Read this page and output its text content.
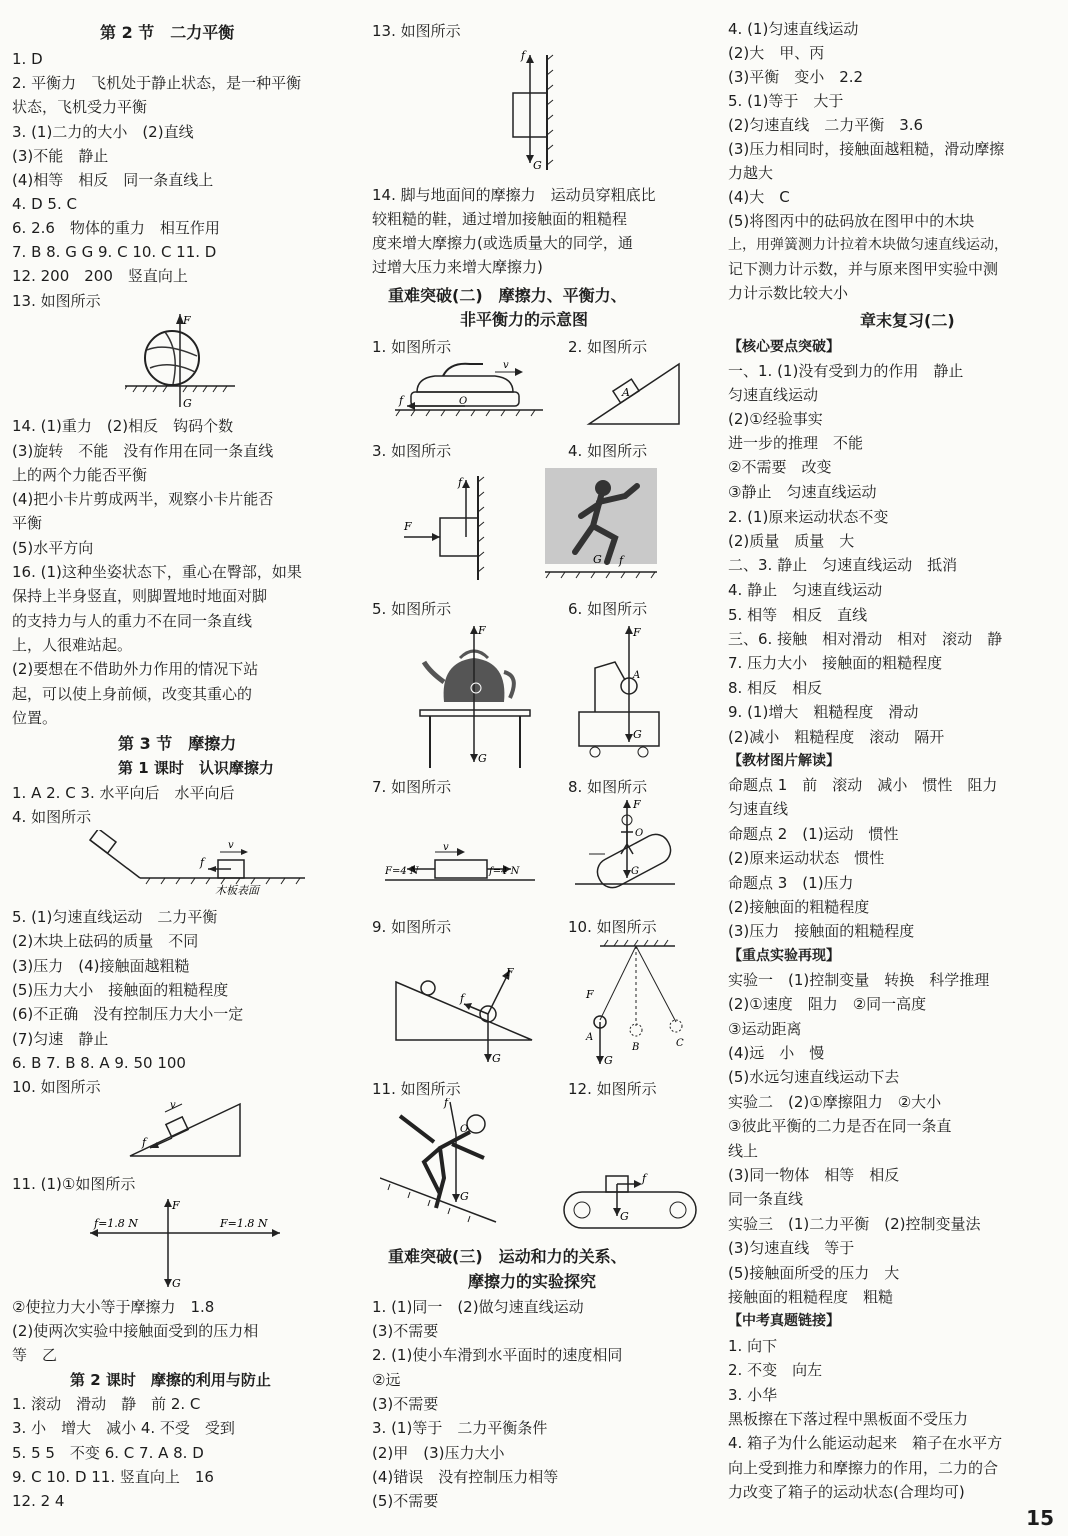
第 2 节　二力平衡
1. D
2. 平衡力　飞机处于静止状态，是一种平衡
状态，飞机受力平衡
3. (1)二力的大小　(2)直线
(3)不能　静止
(4)相等　相反　同一条直线上
4. D 5. C
6. 2.6　物体的重力　相互作用
7. B 8. G G 9. C 10. C 11. D
12. 200　200　竖直向上
13. 如图所示
F
G
14. (1)重力　(2)相反　钩码个数
(3)旋转　不能　没有作用在同一条直线
上的两个力能否平衡
(4)把小卡片剪成两半，观察小卡片能否
平衡
(5)水平方向
16. (1)这种坐姿状态下，重心在臀部，如果
保持上半身竖直，则脚置地时地面对脚
的支持力与人的重力不在同一条直线
上，人很难站起。
(2)要想在不借助外力作用的情况下站
起，可以使上身前倾，改变其重心的
位置。
第 3 节　摩擦力
第 1 课时　认识摩擦力
1. A 2. C 3. 水平向后　水平向后
4. 如图所示
f
v
木板表面
5. (1)匀速直线运动　二力平衡
(2)木块上砝码的质量　不同
(3)压力　(4)接触面越粗糙
(5)压力大小　接触面的粗糙程度
(6)不正确　没有控制压力大小一定
(7)匀速　静止
6. B 7. B 8. A 9. 50 100
10. 如图所示
f
v
11. (1)①如图所示
f=1.8 N	F=1.8 N
F
G
②使拉力大小等于摩擦力　1.8
(2)使两次实验中接触面受到的压力相
等　乙
第 2 课时　摩擦的利用与防止
1. 滚动　滑动　静　前 2. C
3. 小　增大　减小 4. 不受　受到
5. 5 5　不变 6. C 7. A 8. D
9. C 10. D 11. 竖直向上　16
12. 2 4
13. 如图所示
f
G
14. 脚与地面间的摩擦力　运动员穿粗底比
较粗糙的鞋，通过增加接触面的粗糙程
度来增大摩擦力(或选质量大的同学，通
过增大压力来增大摩擦力)
重难突破(二)　摩擦力、平衡力、
非平衡力的示意图
1. 如图所示	2. 如图所示
f
v
O
A
3. 如图所示	4. 如图所示
f
F
G f
5. 如图所示	6. 如图所示
F
G
F
G
A
7. 如图所示	8. 如图所示
F=4 N	f=4 N
v
F
G
O
9. 如图所示	10. 如图所示
F
G
f	F
A
B	C
G
11. 如图所示	12. 如图所示
G
f
O
f
G
重难突破(三)　运动和力的关系、
摩擦力的实验探究
1. (1)同一　(2)做匀速直线运动
(3)不需要
2. (1)使小车滑到水平面时的速度相同
②远
(3)不需要
3. (1)等于　二力平衡条件
(2)甲　(3)压力大小
(4)错误　没有控制压力相等
(5)不需要
4. (1)匀速直线运动
(2)大　甲、丙
(3)平衡　变小　2.2
5. (1)等于　大于
(2)匀速直线　二力平衡　3.6
(3)压力相同时，接触面越粗糙，滑动摩擦
力越大
(4)大　C
(5)将图丙中的砝码放在图甲中的木块
上，用弹簧测力计拉着木块做匀速直线运动，
记下测力计示数，并与原来图甲实验中测
力计示数比较大小
章末复习(二)
【核心要点突破】
一、1. (1)没有受到力的作用　静止
匀速直线运动
(2)①经验事实
进一步的推理　不能
②不需要　改变
③静止　匀速直线运动
2. (1)原来运动状态不变
(2)质量　质量　大
二、3. 静止　匀速直线运动　抵消
4. 静止　匀速直线运动
5. 相等　相反　直线
三、6. 接触　相对滑动　相对　滚动　静
7. 压力大小　接触面的粗糙程度
8. 相反　相反
9. (1)增大　粗糙程度　滑动
(2)减小　粗糙程度　滚动　隔开
【教材图片解读】
命题点 1　前　滚动　减小　惯性　阻力
匀速直线
命题点 2　(1)运动　惯性
(2)原来运动状态　惯性
命题点 3　(1)压力
(2)接触面的粗糙程度
(3)压力　接触面的粗糙程度
【重点实验再现】
实验一　(1)控制变量　转换　科学推理
(2)①速度　阻力　②同一高度
③运动距离
(4)远　小　慢
(5)水远匀速直线运动下去
实验二　(2)①摩擦阻力　②大小
③彼此平衡的二力是否在同一条直
线上
(3)同一物体　相等　相反
同一条直线
实验三　(1)二力平衡　(2)控制变量法
(3)匀速直线　等于
(5)接触面所受的压力　大
接触面的粗糙程度　粗糙
【中考真题链接】
1. 向下
2. 不变　向左
3. 小华
黑板擦在下落过程中黑板面不受压力
4. 箱子为什么能运动起来　箱子在水平方
向上受到推力和摩擦力的作用，二力的合
力改变了箱子的运动状态(合理均可)
15
